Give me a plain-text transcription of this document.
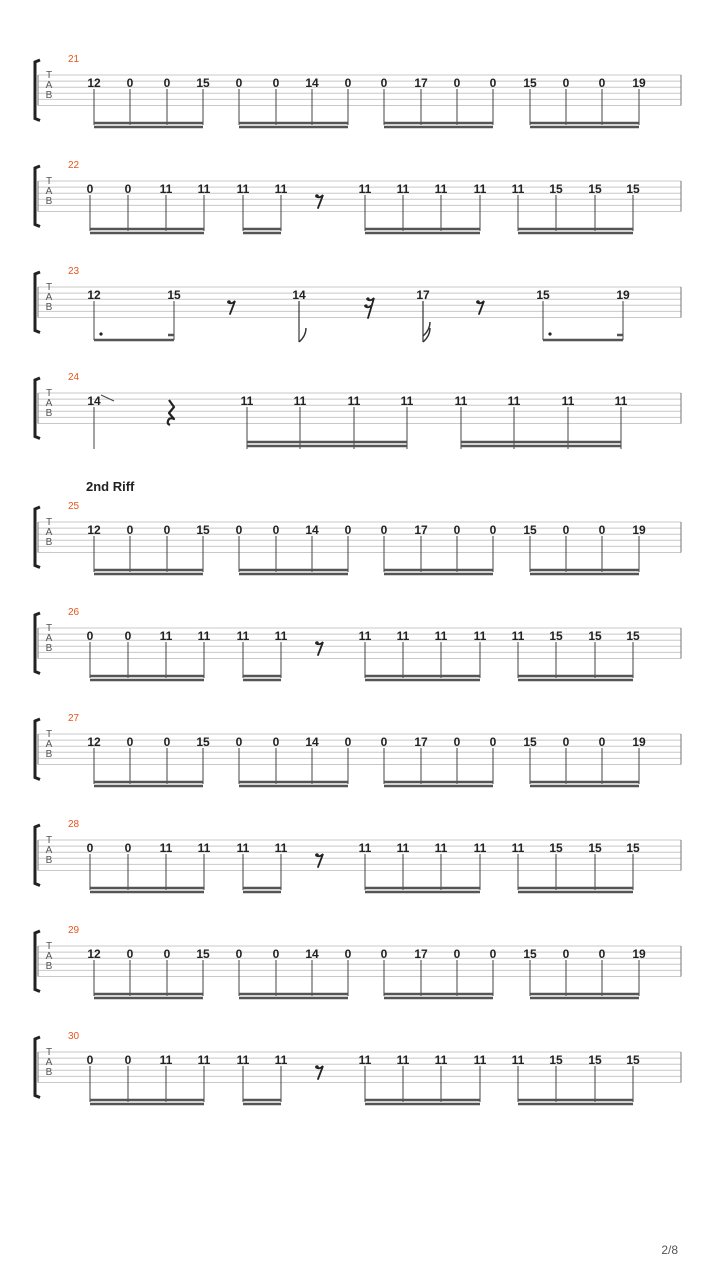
T
A
B
21
12 0	0 15 0	0 14 0 0 17 0 0 15 0 0 19
T
A
B
22
0	0 11 11 11 11	11 11 11 11 11 15 15 15
T
A
B
23
12	15	14	17	15	19
T
A
B
24
14	11	11	11	11	11	11	11	11
T
A
B
25
12 0	0 15 0	0 14 0 0 17 0 0 15 0 0 19
T
A
B
26
0	0 11 11 11 11	11 11 11 11 11 15 15 15
T
A
B
27
12 0	0 15 0	0 14 0 0 17 0 0 15 0 0 19
T
A
B
28
0	0 11 11 11 11	11 11 11 11 11 15 15 15
T
A
B
29
12 0	0 15 0	0 14 0 0 17 0 0 15 0 0 19
T
A
B
30
0	0 11 11 11 11	11 11 11 11 11 15 15 15
2nd Riff
2/8
